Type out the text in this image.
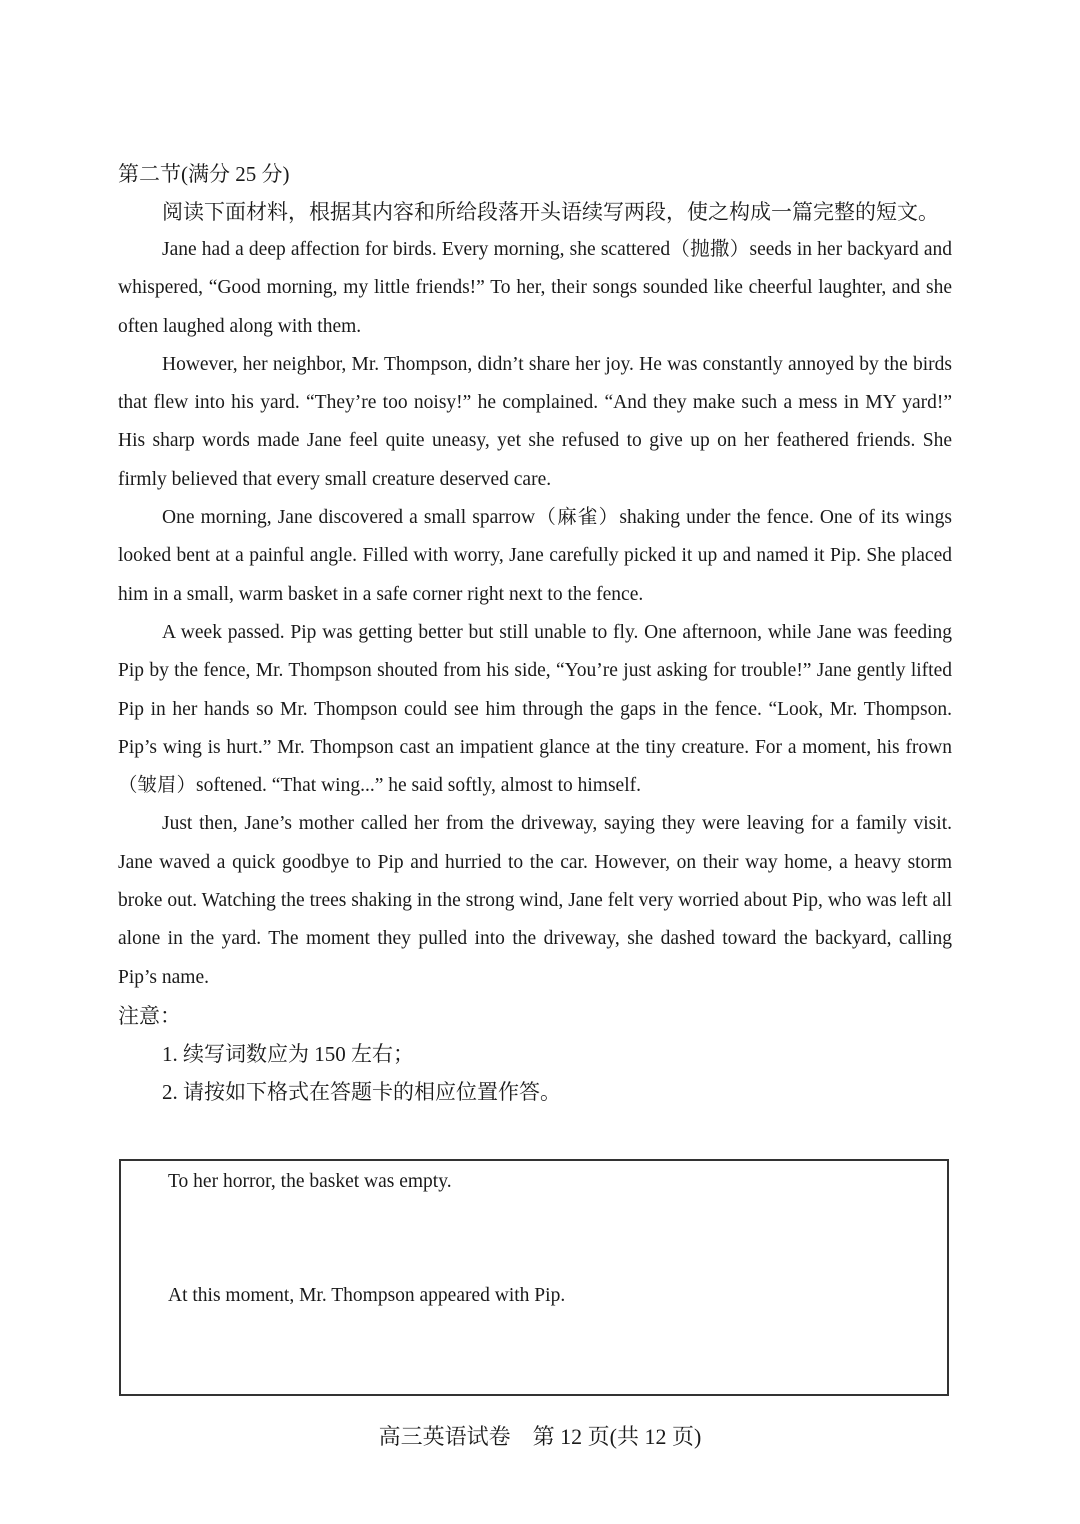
第二节(满分 25 分)

阅读下面材料，根据其内容和所给段落开头语续写两段，使之构成一篇完整的短文。

Jane had a deep affection for birds. Every morning, she scattered（抛撒）seeds in her backyard and whispered, “Good morning, my little friends!” To her, their songs sounded like cheerful laughter, and she often laughed along with them.

However, her neighbor, Mr. Thompson, didn’t share her joy. He was constantly annoyed by the birds that flew into his yard. “They’re too noisy!” he complained. “And they make such a mess in MY yard!” His sharp words made Jane feel quite uneasy, yet she refused to give up on her feathered friends. She firmly believed that every small creature deserved care.

One morning, Jane discovered a small sparrow（麻雀）shaking under the fence. One of its wings looked bent at a painful angle. Filled with worry, Jane carefully picked it up and named it Pip. She placed him in a small, warm basket in a safe corner right next to the fence.

A week passed. Pip was getting better but still unable to fly. One afternoon, while Jane was feeding Pip by the fence, Mr. Thompson shouted from his side, “You’re just asking for trouble!” Jane gently lifted Pip in her hands so Mr. Thompson could see him through the gaps in the fence. “Look, Mr. Thompson. Pip’s wing is hurt.” Mr. Thompson cast an impatient glance at the tiny creature. For a moment, his frown（皱眉）softened. “That wing...” he said softly, almost to himself.

Just then, Jane’s mother called her from the driveway, saying they were leaving for a family visit. Jane waved a quick goodbye to Pip and hurried to the car. However, on their way home, a heavy storm broke out. Watching the trees shaking in the strong wind, Jane felt very worried about Pip, who was left all alone in the yard. The moment they pulled into the driveway, she dashed toward the backyard, calling Pip’s name.

注意：

1. 续写词数应为 150 左右；

2. 请按如下格式在答题卡的相应位置作答。

To her horror, the basket was empty.

At this moment, Mr. Thompson appeared with Pip.

高三英语试卷　第 12 页(共 12 页)
